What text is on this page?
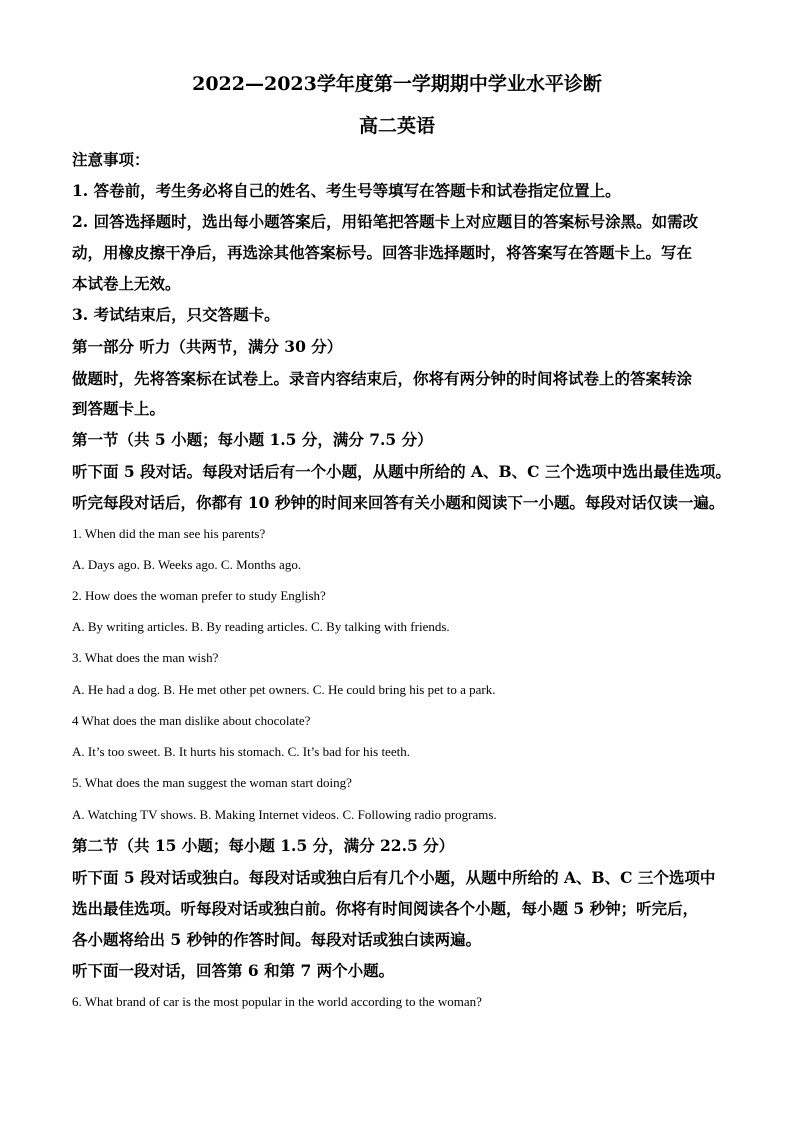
2022—2023学年度第一学期期中学业水平诊断
高二英语
注意事项：
1. 答卷前，考生务必将自己的姓名、考生号等填写在答题卡和试卷指定位置上。
2. 回答选择题时，选出每小题答案后，用铅笔把答题卡上对应题目的答案标号涂黑。如需改
动，用橡皮擦干净后，再选涂其他答案标号。回答非选择题时，将答案写在答题卡上。写在
本试卷上无效。
3. 考试结束后，只交答题卡。
第一部分 听力（共两节，满分 30 分）
做题时，先将答案标在试卷上。录音内容结束后，你将有两分钟的时间将试卷上的答案转涂
到答题卡上。
第一节（共 5 小题；每小题 1.5 分，满分 7.5 分）
听下面 5 段对话。每段对话后有一个小题，从题中所给的 A、B、C 三个选项中选出最佳选项。
听完每段对话后，你都有 10 秒钟的时间来回答有关小题和阅读下一小题。每段对话仅读一遍。
1. When did the man see his parents?
A. Days ago. B. Weeks ago. C. Months ago.
2. How does the woman prefer to study English?
A. By writing articles. B. By reading articles. C. By talking with friends.
3. What does the man wish?
A. He had a dog. B. He met other pet owners. C. He could bring his pet to a park.
4 What does the man dislike about chocolate?
A. It’s too sweet. B. It hurts his stomach. C. It’s bad for his teeth.
5. What does the man suggest the woman start doing?
A. Watching TV shows. B. Making Internet videos. C. Following radio programs.
第二节（共 15 小题；每小题 1.5 分，满分 22.5 分）
听下面 5 段对话或独白。每段对话或独白后有几个小题，从题中所给的 A、B、C 三个选项中
选出最佳选项。听每段对话或独白前。你将有时间阅读各个小题，每小题 5 秒钟；听完后，
各小题将给出 5 秒钟的作答时间。每段对话或独白读两遍。
听下面一段对话，回答第 6 和第 7 两个小题。
6. What brand of car is the most popular in the world according to the woman?
